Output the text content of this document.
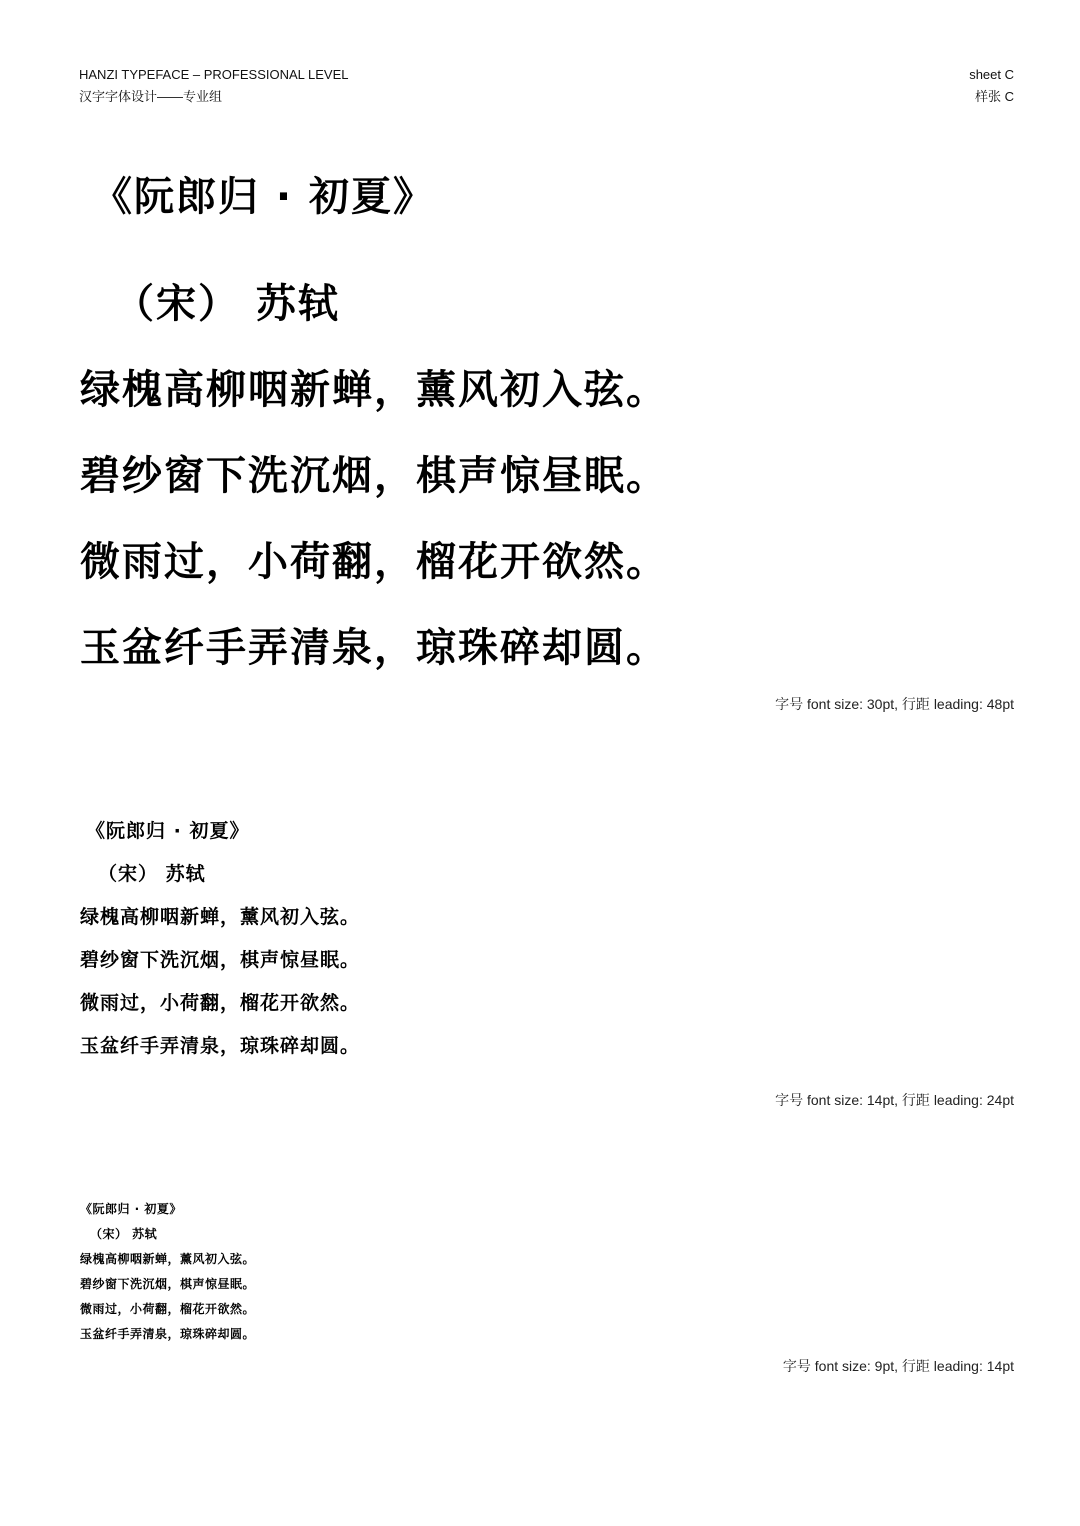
HANZI TYPEFACE – PROFESSIONAL LEVEL
汉字字体设计——专业组
sheet C
样张 C
《阮郎归 · 初夏》
（宋） 苏轼
绿槐高柳咽新蝉，薰风初入弦。
碧纱窗下洗沉烟，棋声惊昼眠。
微雨过，小荷翻，榴花开欲然。
玉盆纤手弄清泉，琼珠碎却圆。
字号 font size: 30pt, 行距 leading: 48pt
《阮郎归 · 初夏》
（宋） 苏轼
绿槐高柳咽新蝉，薰风初入弦。
碧纱窗下洗沉烟，棋声惊昼眠。
微雨过，小荷翻，榴花开欲然。
玉盆纤手弄清泉，琼珠碎却圆。
字号 font size: 14pt, 行距 leading: 24pt
《阮郎归 · 初夏》
（宋） 苏轼
绿槐高柳咽新蝉，薰风初入弦。
碧纱窗下洗沉烟，棋声惊昼眠。
微雨过，小荷翻，榴花开欲然。
玉盆纤手弄清泉，琼珠碎却圆。
字号 font size: 9pt, 行距 leading: 14pt
